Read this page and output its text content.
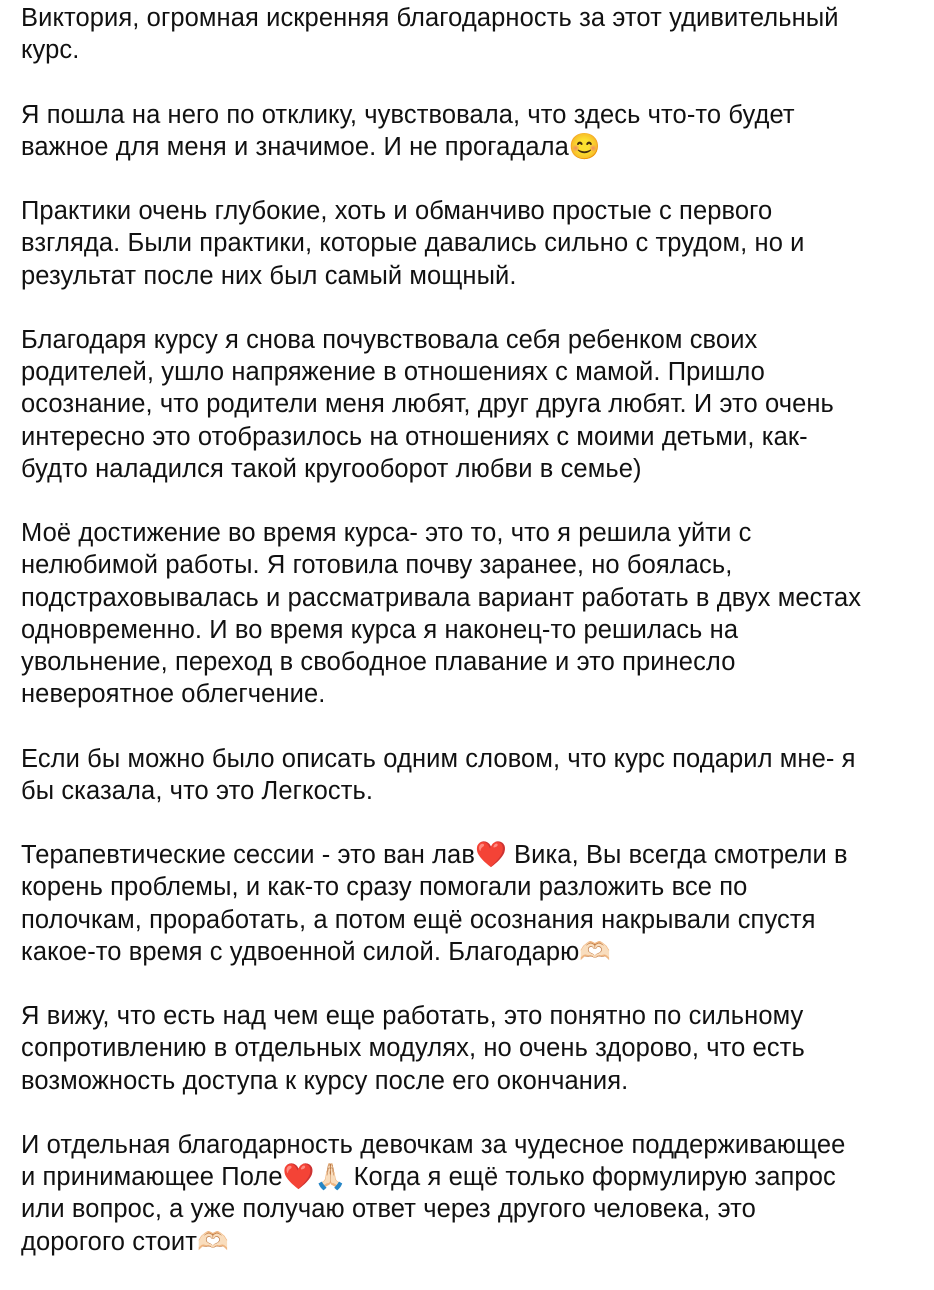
Виктория, огромная искренняя благодарность за этот удивительный
курс.

Я пошла на него по отклику, чувствовала, что здесь что-то будет
важное для меня и значимое. И не прогадала😊

Практики очень глубокие, хоть и обманчиво простые с первого
взгляда. Были практики, которые давались сильно с трудом, но и
результат после них был самый мощный.

Благодаря курсу я снова почувствовала себя ребенком своих
родителей, ушло напряжение в отношениях с мамой. Пришло
осознание, что родители меня любят, друг друга любят. И это очень
интересно это отобразилось на отношениях с моими детьми, как-
будто наладился такой кругооборот любви в семье)

Моё достижение во время курса- это то, что я решила уйти с
нелюбимой работы. Я готовила почву заранее, но боялась,
подстраховывалась и рассматривала вариант работать в двух местах
одновременно. И во время курса я наконец-то решилась на
увольнение, переход в свободное плавание и это принесло
невероятное облегчение.

Если бы можно было описать одним словом, что курс подарил мне- я
бы сказала, что это Легкость.

Терапевтические сессии - это ван лав❤️ Вика, Вы всегда смотрели в
корень проблемы, и как-то сразу помогали разложить все по
полочкам, проработать, а потом ещё осознания накрывали спустя
какое-то время с удвоенной силой. Благодарю🫶🏻

Я вижу, что есть над чем еще работать, это понятно по сильному
сопротивлению в отдельных модулях, но очень здорово, что есть
возможность доступа к курсу после его окончания.

И отдельная благодарность девочкам за чудесное поддерживающее
и принимающее Поле❤️🙏🏻 Когда я ещё только формулирую запрос
или вопрос, а уже получаю ответ через другого человека, это
дорогого стоит🫶🏻
